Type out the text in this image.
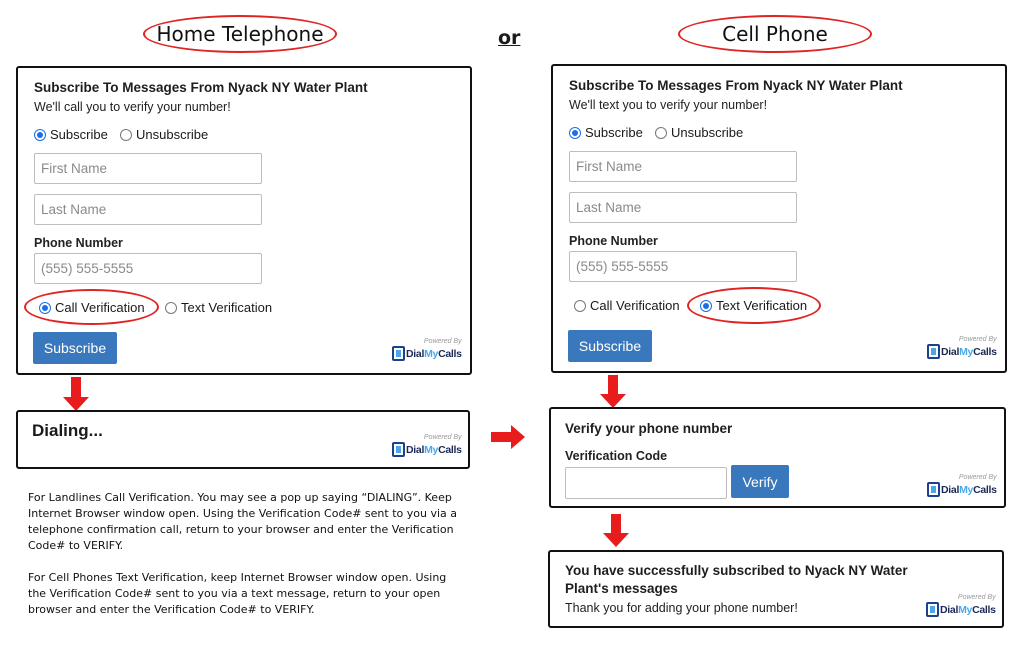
Home Telephone	or	Cell Phone
Subscribe To Messages From Nyack NY Water Plant
We'll call you to verify your number!
Subscribe Unsubscribe
First Name
Last Name
Phone Number
(555) 555-5555
Call Verification	Text Verification
Subscribe	Powered By
DialMyCalls
Subscribe To Messages From Nyack NY Water Plant
We'll text you to verify your number!
Subscribe Unsubscribe
First Name
Last Name
Phone Number
(555) 555-5555
Call Verification	Text Verification
Subscribe	Powered By
DialMyCalls
Dialing...	Powered By
DialMyCalls
Verify your phone number
Verification Code
Verify	Powered By
DialMyCalls
You have successfully subscribed to Nyack NY Water
Plant's messages
Thank you for adding your phone number!
Powered By
DialMyCalls
For Landlines Call Verification. You may see a pop up saying “DIALING”. Keep
Internet Browser window open. Using the Verification Code# sent to you via a
telephone confirmation call, return to your browser and enter the Verification
Code# to VERIFY.
For Cell Phones Text Verification, keep Internet Browser window open. Using
the Verification Code# sent to you via a text message, return to your open
browser and enter the Verification Code# to VERIFY.
